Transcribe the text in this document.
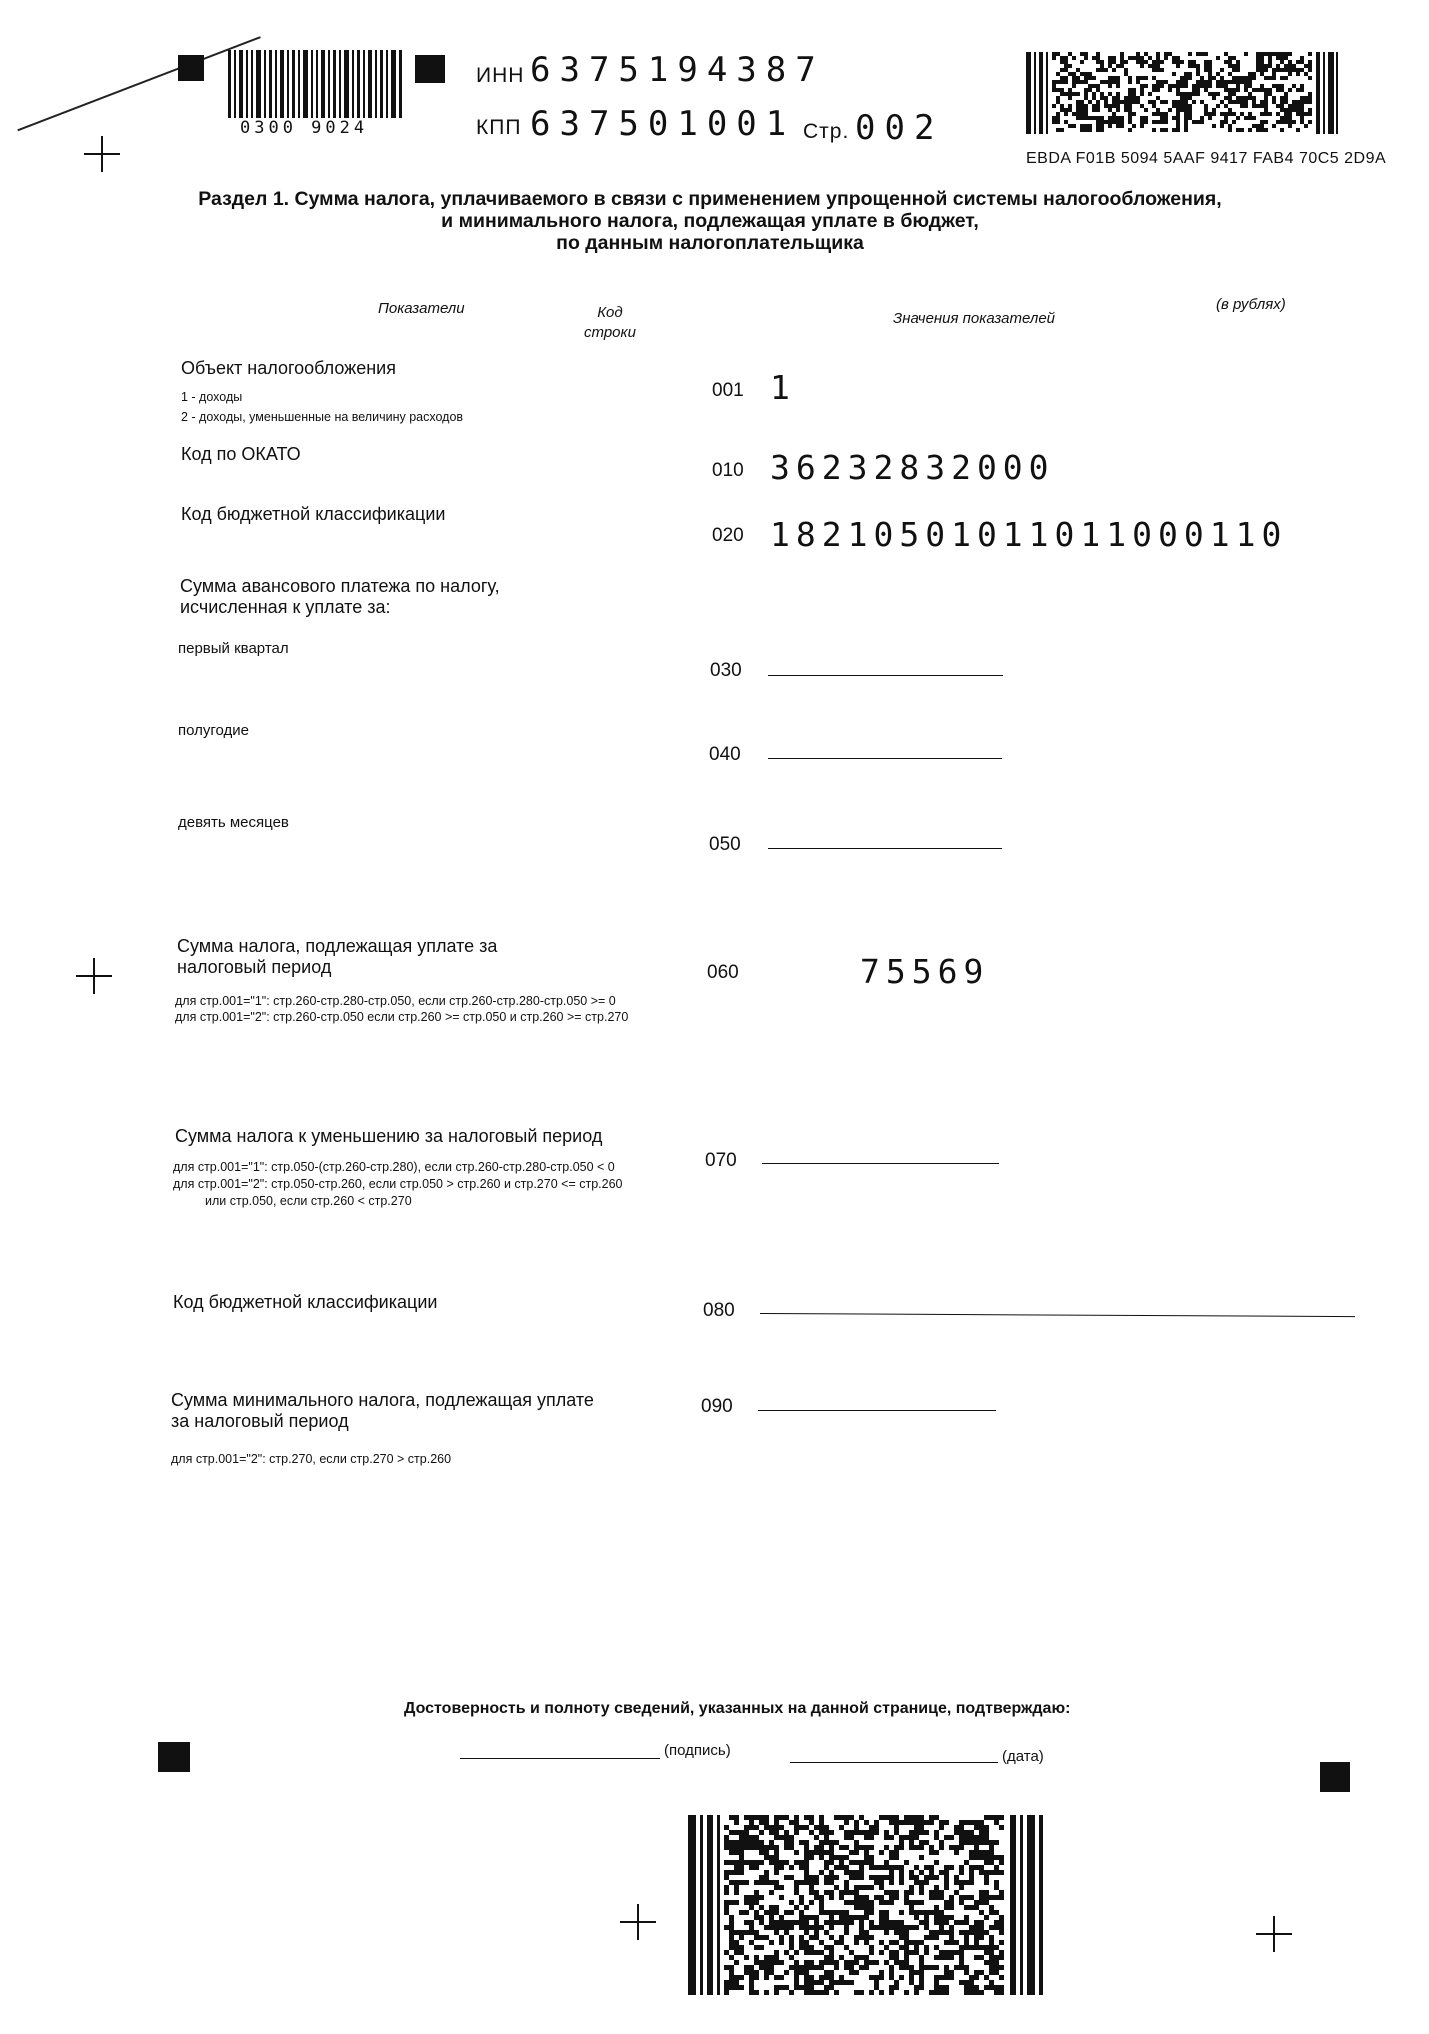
0300 9024
ИНН 6375194387
КПП 637501001 Стр. 002
EBDA F01B 5094 5AAF 9417 FAB4 70C5 2D9A
Раздел 1. Сумма налога, уплачиваемого в связи с применением упрощенной системы налогообложения,
и минимального налога, подлежащая уплате в бюджет,
по данным налогоплательщика
Показатели	Код
строки
Значения показателей
(в рублях)
Объект налогообложения
1 - доходы
2 - доходы, уменьшенные на величину расходов
001 1
Код по ОКАТО
010 36232832000
Код бюджетной классификации
020 18210501011011000110
Сумма авансового платежа по налогу,
исчисленная к уплате за:
первый квартал
030
полугодие
040
девять месяцев
050
Сумма налога, подлежащая уплате за
налоговый период
для стр.001="1": стр.260-стр.280-стр.050, если стр.260-стр.280-стр.050 >= 0
для стр.001="2": стр.260-стр.050 если стр.260 >= стр.050 и стр.260 >= стр.270
060	75569
Сумма налога к уменьшению за налоговый период
для стр.001="1": стр.050-(стр.260-стр.280), если стр.260-стр.280-стр.050 < 0
для стр.001="2": стр.050-стр.260, если стр.050 > стр.260 и стр.270 <= стр.260
или стр.050, если стр.260 < стр.270
070
Код бюджетной классификации	080
Сумма минимального налога, подлежащая уплате
за налоговый период
для стр.001="2": стр.270, если стр.270 > стр.260
090
Достоверность и полноту сведений, указанных на данной странице, подтверждаю:
(подпись)	(дата)
